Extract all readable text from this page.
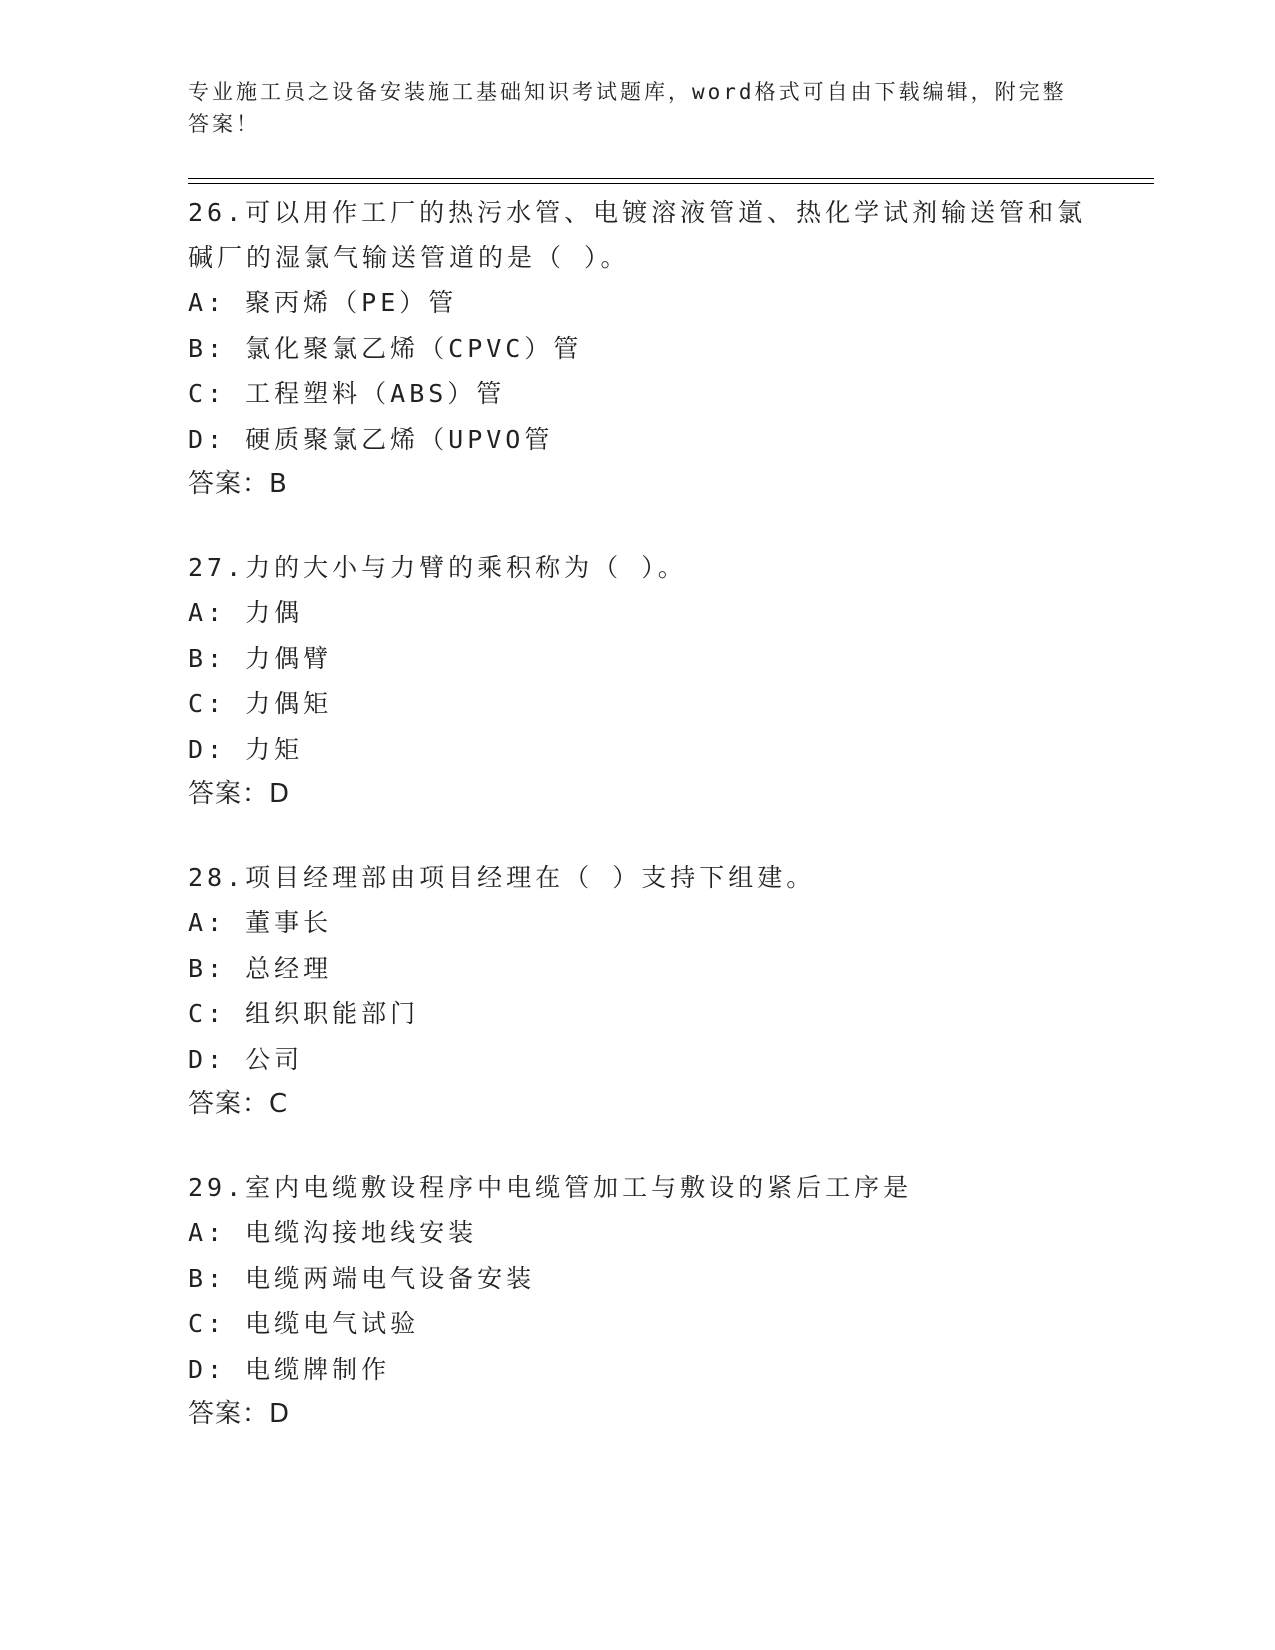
专业施工员之设备安装施工基础知识考试题库，word格式可自由下载编辑，附完整答案！
26.可以用作工厂的热污水管、电镀溶液管道、热化学试剂输送管和氯碱厂的湿氯气输送管道的是（ ）。
A: 聚丙烯（PE）管
B: 氯化聚氯乙烯（CPVC）管
C: 工程塑料（ABS）管
D: 硬质聚氯乙烯（UPVO管
答案：B
27.力的大小与力臂的乘积称为（ ）。
A: 力偶
B: 力偶臂
C: 力偶矩
D: 力矩
答案：D
28.项目经理部由项目经理在（ ）支持下组建。
A: 董事长
B: 总经理
C: 组织职能部门
D: 公司
答案：C
29.室内电缆敷设程序中电缆管加工与敷设的紧后工序是
A: 电缆沟接地线安装
B: 电缆两端电气设备安装
C: 电缆电气试验
D: 电缆牌制作
答案：D
